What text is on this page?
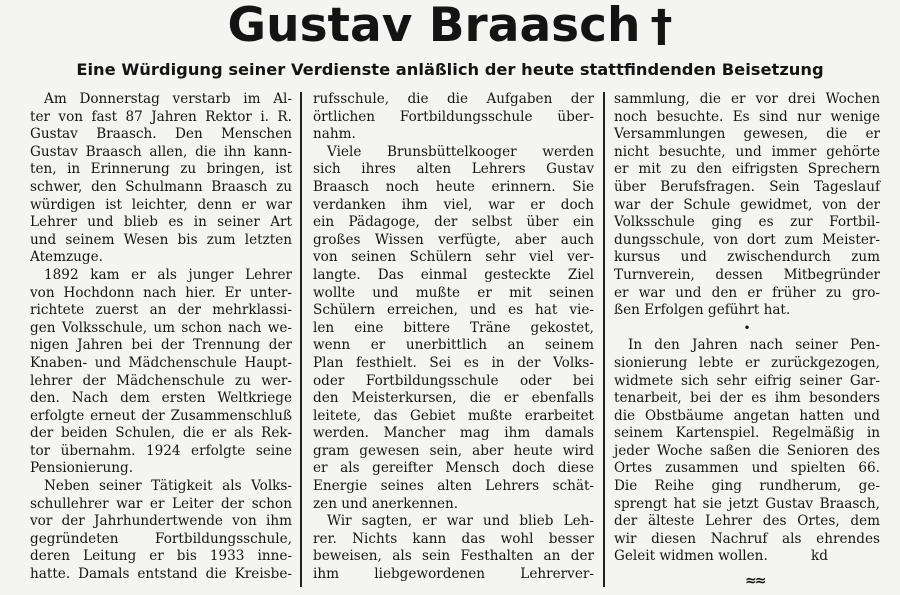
Gustav Braasch †
Eine Würdigung seiner Verdienste anläßlich der heute stattfindenden Beisetzung
Am Donnerstag verstarb im Al-
ter von fast 87 Jahren Rektor i. R.
Gustav Braasch. Den Menschen
Gustav Braasch allen, die ihn kann-
ten, in Erinnerung zu bringen, ist
schwer, den Schulmann Braasch zu
würdigen ist leichter, denn er war
Lehrer und blieb es in seiner Art
und seinem Wesen bis zum letzten
Atemzuge.
1892 kam er als junger Lehrer
von Hochdonn nach hier. Er unter-
richtete zuerst an der mehrklassi-
gen Volksschule, um schon nach we-
nigen Jahren bei der Trennung der
Knaben- und Mädchenschule Haupt-
lehrer der Mädchenschule zu wer-
den. Nach dem ersten Weltkriege
erfolgte erneut der Zusammenschluß
der beiden Schulen, die er als Rek-
tor übernahm. 1924 erfolgte seine
Pensionierung.
Neben seiner Tätigkeit als Volks-
schullehrer war er Leiter der schon
vor der Jahrhundertwende von ihm
gegründeten Fortbildungsschule,
deren Leitung er bis 1933 inne-
hatte. Damals entstand die Kreisbe-
rufsschule, die die Aufgaben der
örtlichen Fortbildungsschule über-
nahm.
Viele Brunsbüttelkooger werden
sich ihres alten Lehrers Gustav
Braasch noch heute erinnern. Sie
verdanken ihm viel, war er doch
ein Pädagoge, der selbst über ein
großes Wissen verfügte, aber auch
von seinen Schülern sehr viel ver-
langte. Das einmal gesteckte Ziel
wollte und mußte er mit seinen
Schülern erreichen, und es hat vie-
len eine bittere Träne gekostet,
wenn er unerbittlich an seinem
Plan festhielt. Sei es in der Volks-
oder Fortbildungsschule oder bei
den Meisterkursen, die er ebenfalls
leitete, das Gebiet mußte erarbeitet
werden. Mancher mag ihm damals
gram gewesen sein, aber heute wird
er als gereifter Mensch doch diese
Energie seines alten Lehrers schät-
zen und anerkennen.
Wir sagten, er war und blieb Leh-
rer. Nichts kann das wohl besser
beweisen, als sein Festhalten an der
ihm liebgewordenen Lehrerver-
sammlung, die er vor drei Wochen
noch besuchte. Es sind nur wenige
Versammlungen gewesen, die er
nicht besuchte, und immer gehörte
er mit zu den eifrigsten Sprechern
über Berufsfragen. Sein Tageslauf
war der Schule gewidmet, von der
Volksschule ging es zur Fortbil-
dungsschule, von dort zum Meister-
kursus und zwischendurch zum
Turnverein, dessen Mitbegründer
er war und den er früher zu gro-
ßen Erfolgen geführt hat.
•
In den Jahren nach seiner Pen-
sionierung lebte er zurückgezogen,
widmete sich sehr eifrig seiner Gar-
tenarbeit, bei der es ihm besonders
die Obstbäume angetan hatten und
seinem Kartenspiel. Regelmäßig in
jeder Woche saßen die Senioren des
Ortes zusammen und spielten 66.
Die Reihe ging rundherum, ge-
sprengt hat sie jetzt Gustav Braasch,
der älteste Lehrer des Ortes, dem
wir diesen Nachruf als ehrendes
Geleit widmen wollen.          kd
≈≈
